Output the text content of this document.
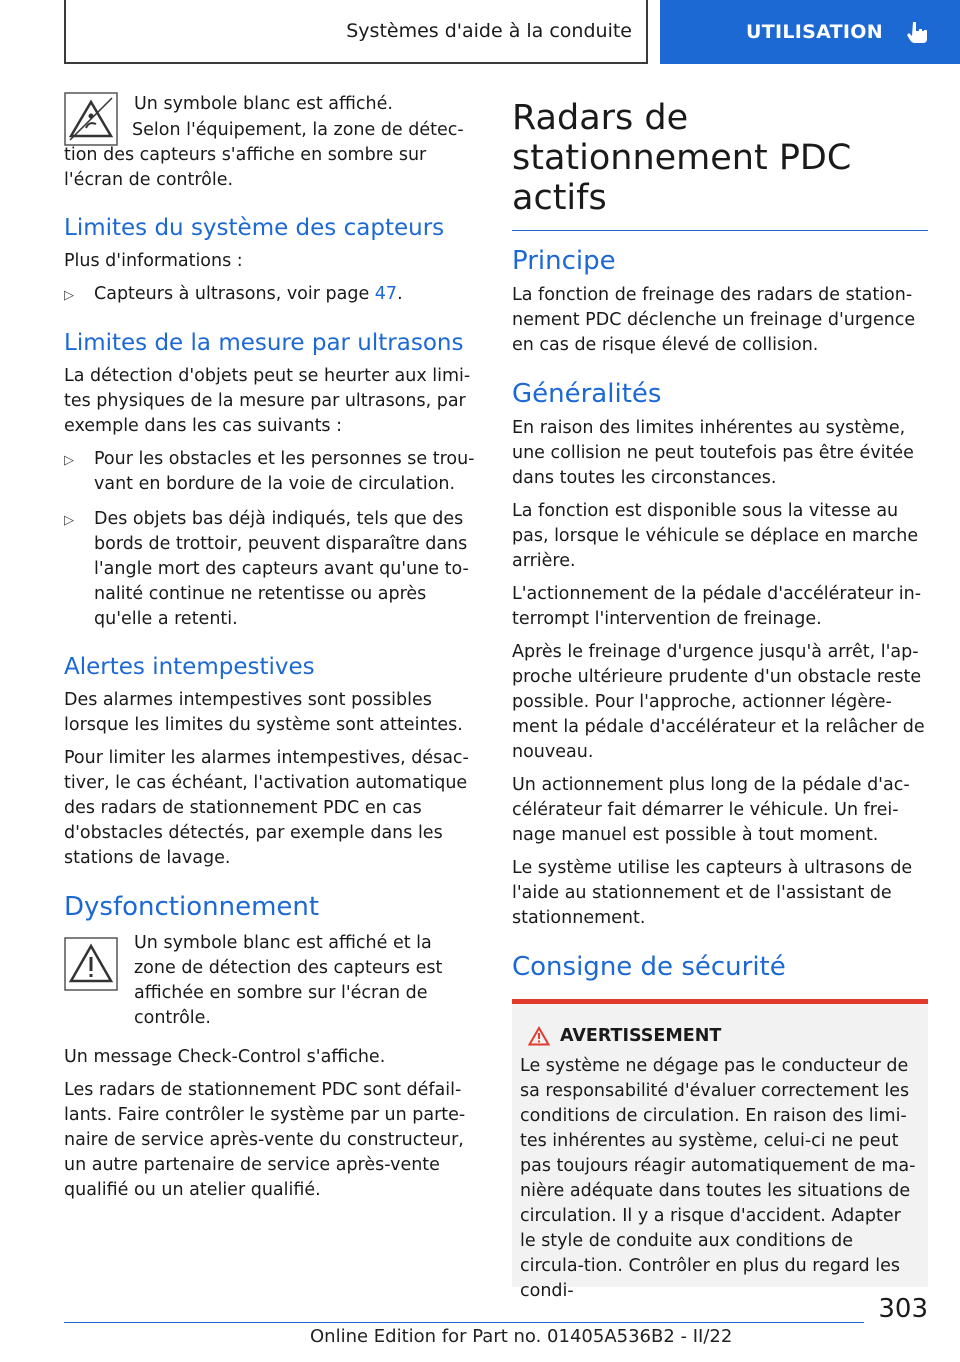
Systèmes d'aide à la conduite	UTILISATION

Un symbole blanc est affiché.

Selon l'équipement, la zone de détec-tion des capteurs s'affiche en sombre sur l'écran de contrôle.

Limites du système des capteurs

Plus d'informations :

▷	Capteurs à ultrasons, voir page 47.
Limites de la mesure par ultrasons

La détection d'objets peut se heurter aux limi-tes physiques de la mesure par ultrasons, par exemple dans les cas suivants :

▷	Pour les obstacles et les personnes se trou-vant en bordure de la voie de circulation.
▷	Des objets bas déjà indiqués, tels que des bords de trottoir, peuvent disparaître dans l'angle mort des capteurs avant qu'une to-nalité continue ne retentisse ou après qu'elle a retenti.
Alertes intempestives

Des alarmes intempestives sont possibles lorsque les limites du système sont atteintes.

Pour limiter les alarmes intempestives, désac-tiver, le cas échéant, l'activation automatique des radars de stationnement PDC en cas d'obstacles détectés, par exemple dans les stations de lavage.

Dysfonctionnement

Un symbole blanc est affiché et la zone de détection des capteurs est affichée en sombre sur l'écran de contrôle.

Un message Check-Control s'affiche.

Les radars de stationnement PDC sont défail-lants. Faire contrôler le système par un parte-naire de service après-vente du constructeur, un autre partenaire de service après-vente qualifié ou un atelier qualifié.

Radars de stationnement PDC actifs
Principe

La fonction de freinage des radars de station-nement PDC déclenche un freinage d'urgence en cas de risque élevé de collision.

Généralités

En raison des limites inhérentes au système, une collision ne peut toutefois pas être évitée dans toutes les circonstances.

La fonction est disponible sous la vitesse au pas, lorsque le véhicule se déplace en marche arrière.

L'actionnement de la pédale d'accélérateur in-terrompt l'intervention de freinage.

Après le freinage d'urgence jusqu'à arrêt, l'ap-proche ultérieure prudente d'un obstacle reste possible. Pour l'approche, actionner légère-ment la pédale d'accélérateur et la relâcher de nouveau.

Un actionnement plus long de la pédale d'ac-célérateur fait démarrer le véhicule. Un frei-nage manuel est possible à tout moment.

Le système utilise les capteurs à ultrasons de l'aide au stationnement et de l'assistant de stationnement.

Consigne de sécurité
AVERTISSEMENT

Le système ne dégage pas le conducteur de sa responsabilité d'évaluer correctement les conditions de circulation. En raison des limi-tes inhérentes au système, celui-ci ne peut pas toujours réagir automatiquement de ma-nière adéquate dans toutes les situations de circulation. Il y a risque d'accident. Adapter le style de conduite aux conditions de circula-tion. Contrôler en plus du regard les condi-

303
Online Edition for Part no. 01405A536B2 - II/22
